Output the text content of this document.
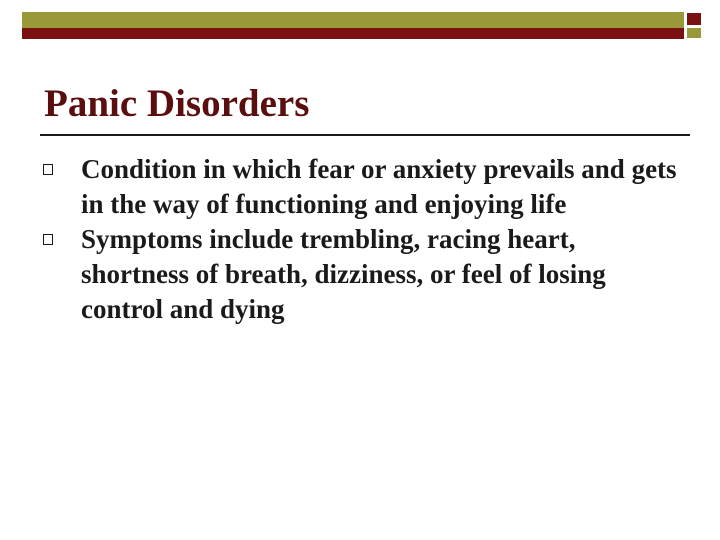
Panic Disorders
Condition in which fear or anxiety prevails and gets in the way of functioning and enjoying life
Symptoms include trembling, racing heart, shortness of breath, dizziness, or feel of losing control and dying
